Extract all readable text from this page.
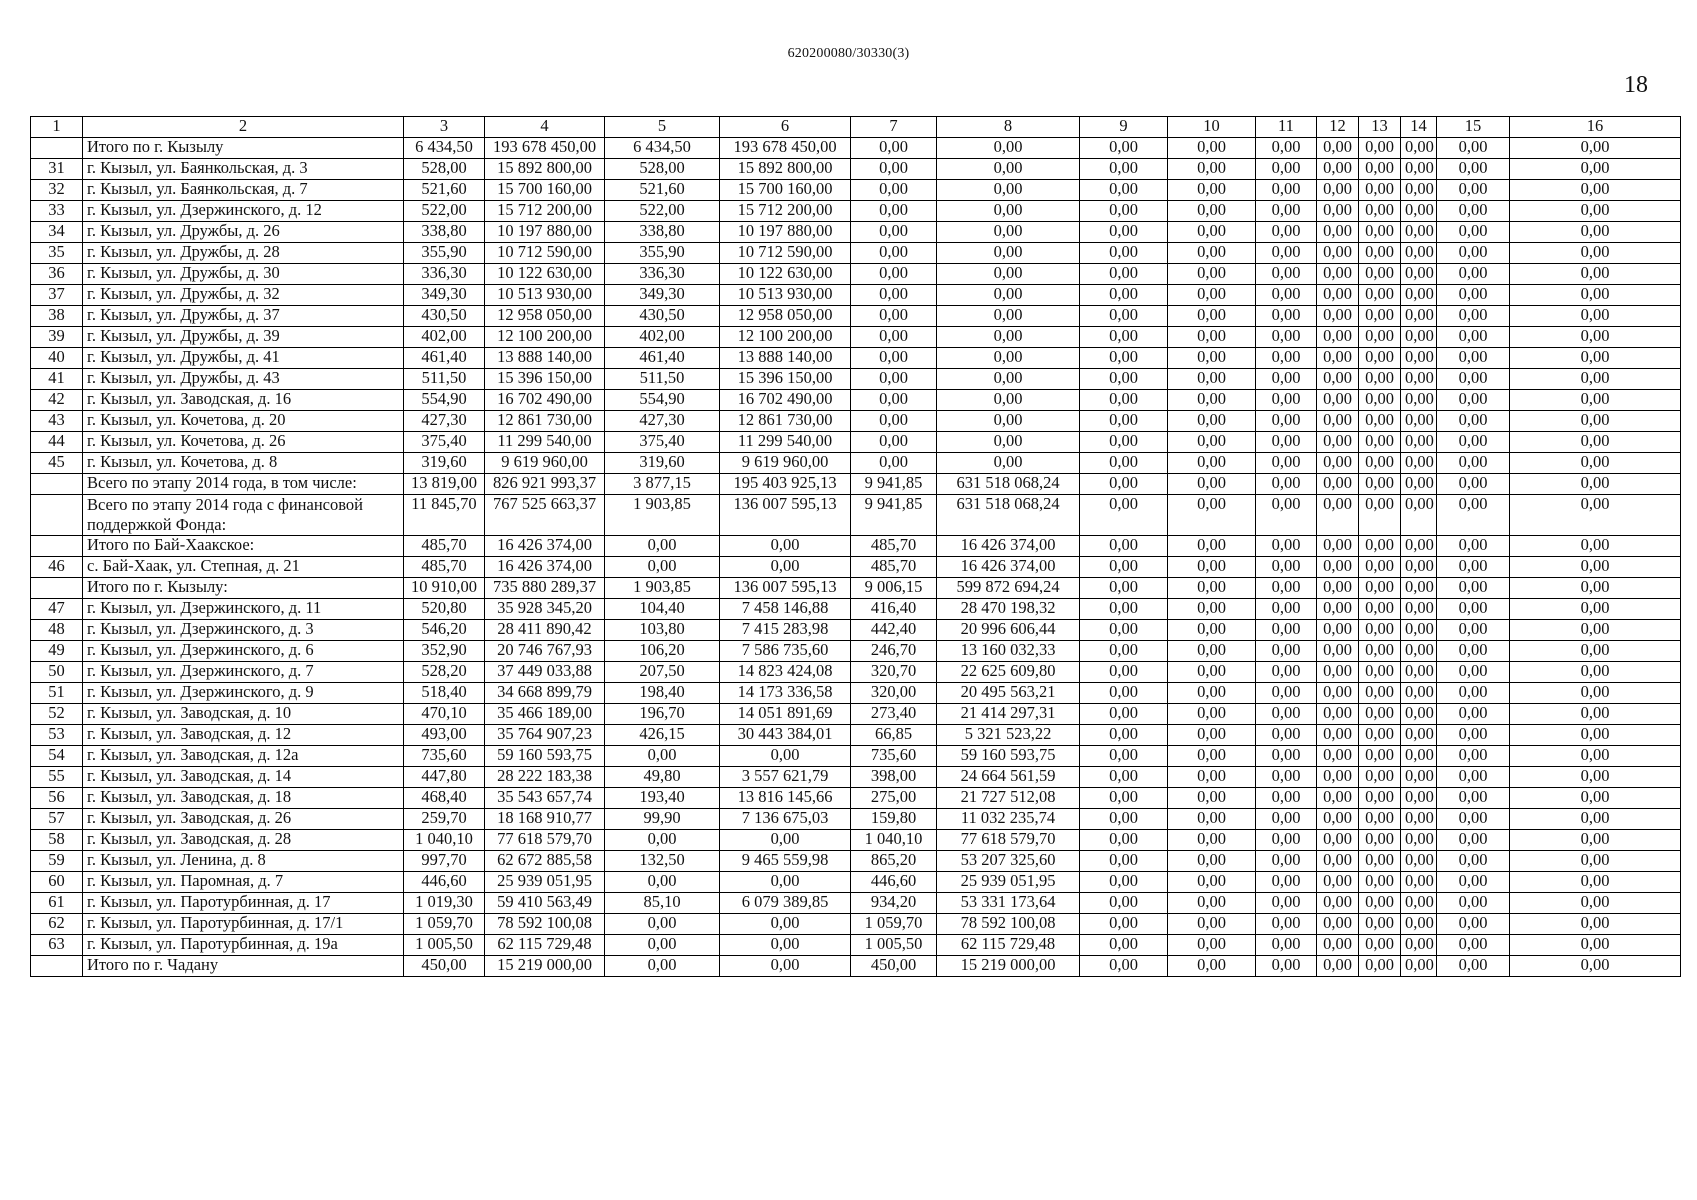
620200080/30330(3)
18
1	2	3	4	5	6	7	8	9	10	11	12	13	14	15	16
	Итого по г. Кызылу	6 434,50	193 678 450,00	6 434,50	193 678 450,00	0,00	0,00	0,00	0,00	0,00	0,00	0,00	0,00	0,00	0,00
31	г. Кызыл, ул. Баянкольская, д. 3	528,00	15 892 800,00	528,00	15 892 800,00	0,00	0,00	0,00	0,00	0,00	0,00	0,00	0,00	0,00	0,00
32	г. Кызыл, ул. Баянкольская, д. 7	521,60	15 700 160,00	521,60	15 700 160,00	0,00	0,00	0,00	0,00	0,00	0,00	0,00	0,00	0,00	0,00
33	г. Кызыл, ул. Дзержинского, д. 12	522,00	15 712 200,00	522,00	15 712 200,00	0,00	0,00	0,00	0,00	0,00	0,00	0,00	0,00	0,00	0,00
34	г. Кызыл, ул. Дружбы, д. 26	338,80	10 197 880,00	338,80	10 197 880,00	0,00	0,00	0,00	0,00	0,00	0,00	0,00	0,00	0,00	0,00
35	г. Кызыл, ул. Дружбы, д. 28	355,90	10 712 590,00	355,90	10 712 590,00	0,00	0,00	0,00	0,00	0,00	0,00	0,00	0,00	0,00	0,00
36	г. Кызыл, ул. Дружбы, д. 30	336,30	10 122 630,00	336,30	10 122 630,00	0,00	0,00	0,00	0,00	0,00	0,00	0,00	0,00	0,00	0,00
37	г. Кызыл, ул. Дружбы, д. 32	349,30	10 513 930,00	349,30	10 513 930,00	0,00	0,00	0,00	0,00	0,00	0,00	0,00	0,00	0,00	0,00
38	г. Кызыл, ул. Дружбы, д. 37	430,50	12 958 050,00	430,50	12 958 050,00	0,00	0,00	0,00	0,00	0,00	0,00	0,00	0,00	0,00	0,00
39	г. Кызыл, ул. Дружбы, д. 39	402,00	12 100 200,00	402,00	12 100 200,00	0,00	0,00	0,00	0,00	0,00	0,00	0,00	0,00	0,00	0,00
40	г. Кызыл, ул. Дружбы, д. 41	461,40	13 888 140,00	461,40	13 888 140,00	0,00	0,00	0,00	0,00	0,00	0,00	0,00	0,00	0,00	0,00
41	г. Кызыл, ул. Дружбы, д. 43	511,50	15 396 150,00	511,50	15 396 150,00	0,00	0,00	0,00	0,00	0,00	0,00	0,00	0,00	0,00	0,00
42	г. Кызыл, ул. Заводская, д. 16	554,90	16 702 490,00	554,90	16 702 490,00	0,00	0,00	0,00	0,00	0,00	0,00	0,00	0,00	0,00	0,00
43	г. Кызыл, ул. Кочетова, д. 20	427,30	12 861 730,00	427,30	12 861 730,00	0,00	0,00	0,00	0,00	0,00	0,00	0,00	0,00	0,00	0,00
44	г. Кызыл, ул. Кочетова, д. 26	375,40	11 299 540,00	375,40	11 299 540,00	0,00	0,00	0,00	0,00	0,00	0,00	0,00	0,00	0,00	0,00
45	г. Кызыл, ул. Кочетова, д. 8	319,60	9 619 960,00	319,60	9 619 960,00	0,00	0,00	0,00	0,00	0,00	0,00	0,00	0,00	0,00	0,00
	Всего по этапу 2014 года, в том числе:	13 819,00	826 921 993,37	3 877,15	195 403 925,13	9 941,85	631 518 068,24	0,00	0,00	0,00	0,00	0,00	0,00	0,00	0,00
	Всего по этапу 2014 года с финансовой поддержкой Фонда:	11 845,70	767 525 663,37	1 903,85	136 007 595,13	9 941,85	631 518 068,24	0,00	0,00	0,00	0,00	0,00	0,00	0,00	0,00
	Итого по Бай-Хаакское:	485,70	16 426 374,00	0,00	0,00	485,70	16 426 374,00	0,00	0,00	0,00	0,00	0,00	0,00	0,00	0,00
46	с. Бай-Хаак, ул. Степная, д. 21	485,70	16 426 374,00	0,00	0,00	485,70	16 426 374,00	0,00	0,00	0,00	0,00	0,00	0,00	0,00	0,00
	Итого по г. Кызылу:	10 910,00	735 880 289,37	1 903,85	136 007 595,13	9 006,15	599 872 694,24	0,00	0,00	0,00	0,00	0,00	0,00	0,00	0,00
47	г. Кызыл, ул. Дзержинского, д. 11	520,80	35 928 345,20	104,40	7 458 146,88	416,40	28 470 198,32	0,00	0,00	0,00	0,00	0,00	0,00	0,00	0,00
48	г. Кызыл, ул. Дзержинского, д. 3	546,20	28 411 890,42	103,80	7 415 283,98	442,40	20 996 606,44	0,00	0,00	0,00	0,00	0,00	0,00	0,00	0,00
49	г. Кызыл, ул. Дзержинского, д. 6	352,90	20 746 767,93	106,20	7 586 735,60	246,70	13 160 032,33	0,00	0,00	0,00	0,00	0,00	0,00	0,00	0,00
50	г. Кызыл, ул. Дзержинского, д. 7	528,20	37 449 033,88	207,50	14 823 424,08	320,70	22 625 609,80	0,00	0,00	0,00	0,00	0,00	0,00	0,00	0,00
51	г. Кызыл, ул. Дзержинского, д. 9	518,40	34 668 899,79	198,40	14 173 336,58	320,00	20 495 563,21	0,00	0,00	0,00	0,00	0,00	0,00	0,00	0,00
52	г. Кызыл, ул. Заводская, д. 10	470,10	35 466 189,00	196,70	14 051 891,69	273,40	21 414 297,31	0,00	0,00	0,00	0,00	0,00	0,00	0,00	0,00
53	г. Кызыл, ул. Заводская, д. 12	493,00	35 764 907,23	426,15	30 443 384,01	66,85	5 321 523,22	0,00	0,00	0,00	0,00	0,00	0,00	0,00	0,00
54	г. Кызыл, ул. Заводская, д. 12а	735,60	59 160 593,75	0,00	0,00	735,60	59 160 593,75	0,00	0,00	0,00	0,00	0,00	0,00	0,00	0,00
55	г. Кызыл, ул. Заводская, д. 14	447,80	28 222 183,38	49,80	3 557 621,79	398,00	24 664 561,59	0,00	0,00	0,00	0,00	0,00	0,00	0,00	0,00
56	г. Кызыл, ул. Заводская, д. 18	468,40	35 543 657,74	193,40	13 816 145,66	275,00	21 727 512,08	0,00	0,00	0,00	0,00	0,00	0,00	0,00	0,00
57	г. Кызыл, ул. Заводская, д. 26	259,70	18 168 910,77	99,90	7 136 675,03	159,80	11 032 235,74	0,00	0,00	0,00	0,00	0,00	0,00	0,00	0,00
58	г. Кызыл, ул. Заводская, д. 28	1 040,10	77 618 579,70	0,00	0,00	1 040,10	77 618 579,70	0,00	0,00	0,00	0,00	0,00	0,00	0,00	0,00
59	г. Кызыл, ул. Ленина, д. 8	997,70	62 672 885,58	132,50	9 465 559,98	865,20	53 207 325,60	0,00	0,00	0,00	0,00	0,00	0,00	0,00	0,00
60	г. Кызыл, ул. Паромная, д. 7	446,60	25 939 051,95	0,00	0,00	446,60	25 939 051,95	0,00	0,00	0,00	0,00	0,00	0,00	0,00	0,00
61	г. Кызыл, ул. Паротурбинная, д. 17	1 019,30	59 410 563,49	85,10	6 079 389,85	934,20	53 331 173,64	0,00	0,00	0,00	0,00	0,00	0,00	0,00	0,00
62	г. Кызыл, ул. Паротурбинная, д. 17/1	1 059,70	78 592 100,08	0,00	0,00	1 059,70	78 592 100,08	0,00	0,00	0,00	0,00	0,00	0,00	0,00	0,00
63	г. Кызыл, ул. Паротурбинная, д. 19а	1 005,50	62 115 729,48	0,00	0,00	1 005,50	62 115 729,48	0,00	0,00	0,00	0,00	0,00	0,00	0,00	0,00
	Итого по г. Чадану	450,00	15 219 000,00	0,00	0,00	450,00	15 219 000,00	0,00	0,00	0,00	0,00	0,00	0,00	0,00	0,00
